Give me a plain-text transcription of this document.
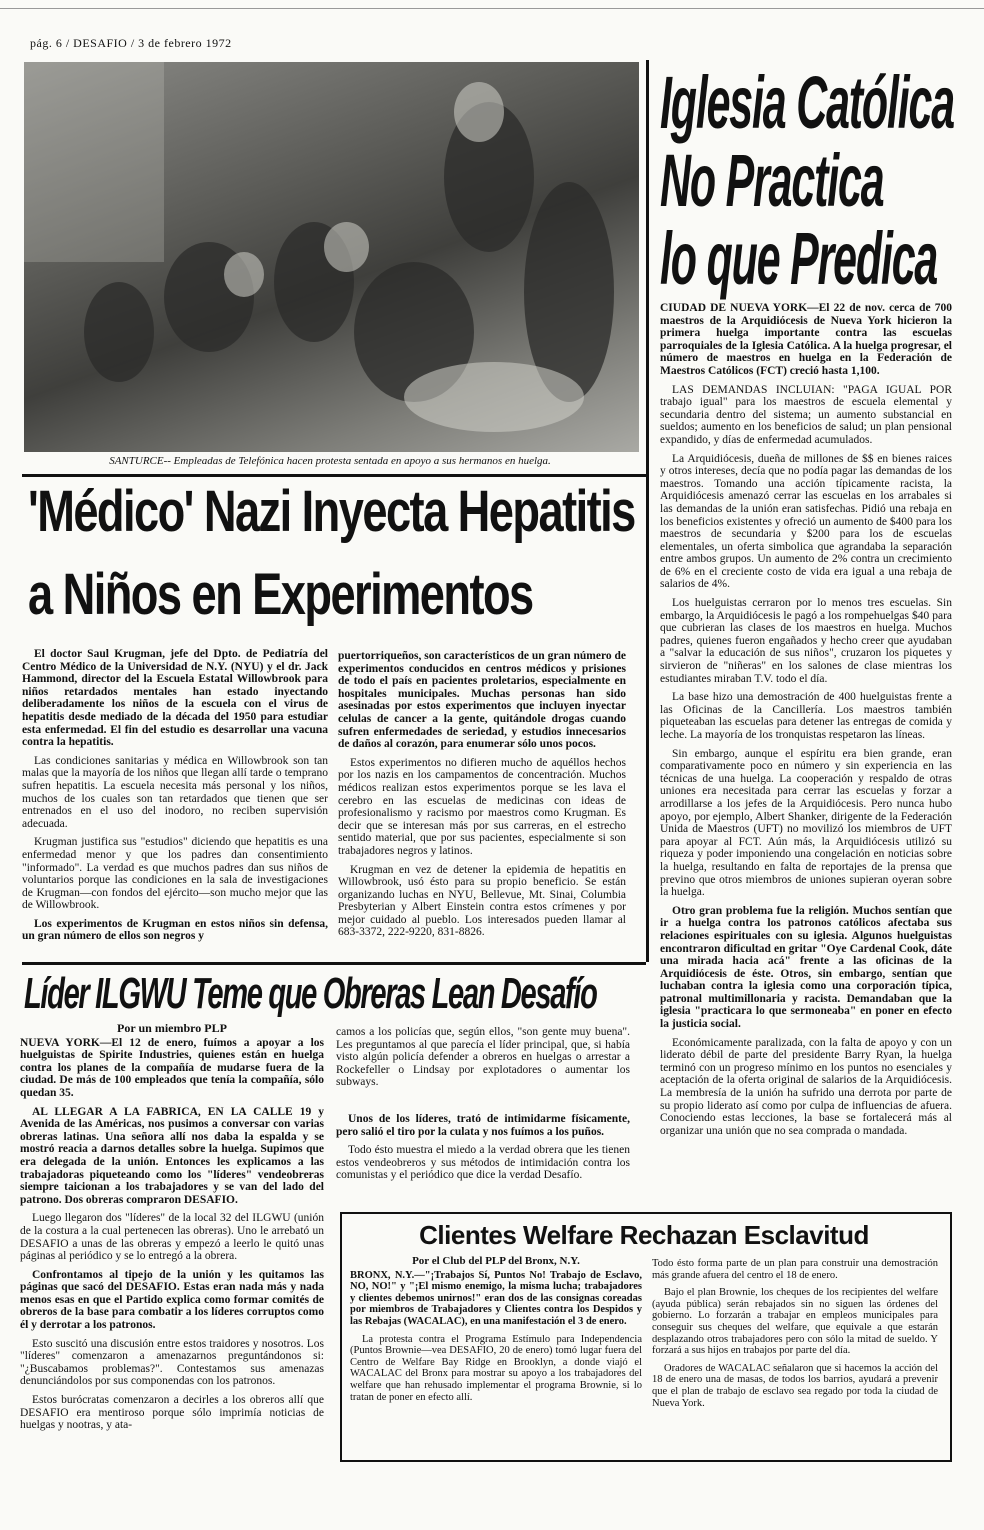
pág. 6 / DESAFIO / 3 de febrero 1972
SANTURCE-- Empleadas de Telefónica hacen protesta sentada en apoyo a sus hermanos en huelga.
'Médico' Nazi Inyecta Hepatitis
a Niños en Experimentos

El doctor Saul Krugman, jefe del Dpto. de Pediatría del Centro Médico de la Universidad de N.Y. (NYU) y el dr. Jack Hammond, director del la Escuela Estatal Willowbrook para niños retardados mentales han estado inyectando deliberadamente los niños de la escuela con el virus de hepatitis desde mediado de la década del 1950 para estudiar esta enfermedad. El fin del estudio es desarrollar una vacuna contra la hepatitis.

Las condiciones sanitarias y médica en Willowbrook son tan malas que la mayoría de los niños que llegan allí tarde o temprano sufren hepatitis. La escuela necesita más personal y los niños, muchos de los cuales son tan retardados que tienen que ser entrenados en el uso del inodoro, no reciben supervisión adecuada.

Krugman justifica sus "estudios" diciendo que hepatitis es una enfermedad menor y que los padres dan consentimiento "informado". La verdad es que muchos padres dan sus niños de voluntarios porque las condiciones en la sala de investigaciones de Krugman—con fondos del ejército—son mucho mejor que las de Willowbrook.

Los experimentos de Krugman en estos niños sin defensa, un gran número de ellos son negros y

puertorriqueños, son característicos de un gran número de experimentos conducidos en centros médicos y prisiones de todo el país en pacientes proletarios, especialmente en hospitales municipales. Muchas personas han sido asesinadas por estos experimentos que incluyen inyectar celulas de cancer a la gente, quitándole drogas cuando sufren enfermedades de seriedad, y estudios innecesarios de daños al corazón, para enumerar sólo unos pocos.

Estos experimentos no difieren mucho de aquéllos hechos por los nazis en los campamentos de concentración. Muchos médicos realizan estos experimentos porque se les lava el cerebro en las escuelas de medicinas con ideas de profesionalismo y racismo por maestros como Krugman. Es decir que se interesan más por sus carreras, en el estrecho sentido material, que por sus pacientes, especialmente si son trabajadores negros y latinos.

Krugman en vez de detener la epidemia de hepatitis en Willowbrook, usó ésto para su propio beneficio. Se están organizando luchas en NYU, Bellevue, Mt. Sinai, Columbia Presbyterian y Albert Einstein contra estos crímenes y por mejor cuidado al pueblo. Los interesados pueden llamar al 683-3372, 222-9220, 831-8826.

Líder ILGWU Teme que Obreras Lean Desafío
Por un miembro PLP

NUEVA YORK—El 12 de enero, fuímos a apoyar a los huelguistas de Spirite Industries, quienes están en huelga contra los planes de la compañía de mudarse fuera de la ciudad. De más de 100 empleados que tenía la compañía, sólo quedan 35.

AL LLEGAR A LA FABRICA, EN LA CALLE 19 y Avenida de las Américas, nos pusimos a conversar con varias obreras latinas. Una señora allí nos daba la espalda y se mostró reacia a darnos detalles sobre la huelga. Supimos que era delegada de la unión. Entonces les explicamos a las trabajadoras piqueteando como los "líderes" vendeobreras siempre taicionan a los trabajadores y se van del lado del patrono. Dos obreras compraron DESAFIO.

Luego llegaron dos "líderes" de la local 32 del ILGWU (unión de la costura a la cual pertenecen las obreras). Uno le arrebató un DESAFIO a unas de las obreras y empezó a leerlo le quitó unas páginas al periódico y se lo entregó a la obrera.

Confrontamos al tipejo de la unión y les quitamos las páginas que sacó del DESAFIO. Estas eran nada más y nada menos esas en que el Partido explica como formar comités de obreros de la base para combatir a los líderes corruptos como él y derrotar a los patronos.

Esto suscitó una discusión entre estos traidores y nosotros. Los "líderes" comenzaron a amenazarnos preguntándonos si: "¿Buscabamos problemas?". Contestamos sus amenazas denunciándolos por sus componendas con los patronos.

Estos burócratas comenzaron a decirles a los obreros allí que DESAFIO era mentiroso porque sólo imprimía noticias de huelgas y nootras, y ata-

camos a los policías que, según ellos, "son gente muy buena". Les preguntamos al que parecía el líder principal, que, si había visto algún policía defender a obreros en huelgas o arrestar a Rockefeller o Lindsay por explotadores o aumentar los subways.

Unos de los líderes, trató de intimidarme físicamente, pero salió el tiro por la culata y nos fuímos a los puños.

Todo ésto muestra el miedo a la verdad obrera que les tienen estos vendeobreros y sus métodos de intimidación contra los comunistas y el periódico que dice la verdad Desafío.

Iglesia Católica
No Practica
lo que Predica

CIUDAD DE NUEVA YORK—El 22 de nov. cerca de 700 maestros de la Arquidiócesis de Nueva York hicieron la primera huelga importante contra las escuelas parroquiales de la Iglesia Católica. A la huelga progresar, el número de maestros en huelga en la Federación de Maestros Católicos (FCT) creció hasta 1,100.

LAS DEMANDAS INCLUIAN: "PAGA IGUAL POR trabajo igual" para los maestros de escuela elemental y secundaria dentro del sistema; un aumento substancial en sueldos; aumento en los beneficios de salud; un plan pensional expandido, y días de enfermedad acumulados.

La Arquidiócesis, dueña de millones de $$ en bienes raices y otros intereses, decía que no podía pagar las demandas de los maestros. Tomando una acción típicamente racista, la Arquidiócesis amenazó cerrar las escuelas en los arrabales si las demandas de la unión eran satisfechas. Pidió una rebaja en los beneficios existentes y ofreció un aumento de $400 para los maestros de secundaria y $200 para los de escuelas elementales, un oferta simbolica que agrandaba la separación entre ambos grupos. Un aumento de 2% contra un crecimiento de 6% en el creciente costo de vida era igual a una rebaja de salarios de 4%.

Los huelguistas cerraron por lo menos tres escuelas. Sin embargo, la Arquidiócesis le pagó a los rompehuelgas $40 para que cubrieran las clases de los maestros en huelga. Muchos padres, quienes fueron engañados y hecho creer que ayudaban a "salvar la educación de sus niños", cruzaron los piquetes y sirvieron de "niñeras" en los salones de clase mientras los estudiantes miraban T.V. todo el día.

La base hizo una demostración de 400 huelguistas frente a las Oficinas de la Cancillería. Los maestros también piqueteaban las escuelas para detener las entregas de comida y leche. La mayoría de los tronquistas respetaron las líneas.

Sin embargo, aunque el espíritu era bien grande, eran comparativamente poco en número y sin experiencia en las técnicas de una huelga. La cooperación y respaldo de otras uniones era necesitada para cerrar las escuelas y forzar a arrodillarse a los jefes de la Arquidiócesis. Pero nunca hubo apoyo, por ejemplo, Albert Shanker, dirigente de la Federación Unida de Maestros (UFT) no movilizó los miembros de UFT para apoyar al FCT. Aún más, la Arquidiócesis utilizó su riqueza y poder imponiendo una congelación en noticias sobre la huelga, resultando en falta de reportajes de la prensa que previno que otros miembros de uniones supieran oyeran sobre la huelga.

Otro gran problema fue la religión. Muchos sentían que ir a huelga contra los patronos católicos afectaba sus relaciones espirituales con su iglesia. Algunos huelguistas encontraron dificultad en gritar "Oye Cardenal Cook, dáte una mirada hacia acá" frente a las oficinas de la Arquidiócesis de éste. Otros, sin embargo, sentían que luchaban contra la iglesia como una corporación típica, patronal multimillonaria y racista. Demandaban que la iglesia "practicara lo que sermoneaba" en poner en efecto la justicia social.

Económicamente paralizada, con la falta de apoyo y con un liderato débil de parte del presidente Barry Ryan, la huelga terminó con un progreso mínimo en los puntos no esenciales y aceptación de la oferta original de salarios de la Arquidiócesis. La membresía de la unión ha sufrido una derrota por parte de su propio liderato así como por culpa de influencias de afuera. Conociendo estas lecciones, la base se fortalecerá más al organizar una unión que no sea comprada o mandada.

Clientes Welfare Rechazan Esclavitud
Por el Club del PLP del Bronx, N.Y.

BRONX, N.Y.—"¡Trabajos Sí, Puntos No! Trabajo de Esclavo, NO, NO!" y "¡El mismo enemigo, la misma lucha; trabajadores y clientes debemos unirnos!" eran dos de las consignas coreadas por miembros de Trabajadores y Clientes contra los Despidos y las Rebajas (WACALAC), en una manifestación el 3 de enero.

La protesta contra el Programa Estímulo para Independencia (Puntos Brownie—vea DESAFIO, 20 de enero) tomó lugar fuera del Centro de Welfare Bay Ridge en Brooklyn, a donde viajó el WACALAC del Bronx para mostrar su apoyo a los trabajadores del welfare que han rehusado implementar el programa Brownie, si lo tratan de poner en efecto allí.

Todo ésto forma parte de un plan para construir una demostración más grande afuera del centro el 18 de enero.

Bajo el plan Brownie, los cheques de los recipientes del welfare (ayuda pública) serán rebajados sin no siguen las órdenes del gobierno. Lo forzarán a trabajar en empleos municipales para conseguir sus cheques del welfare, que equivale a que estarán desplazando otros trabajadores pero con sólo la mitad de sueldo. Y forzará a sus hijos en trabajos por parte del día.

Oradores de WACALAC señalaron que si hacemos la acción del 18 de enero una de masas, de todos los barrios, ayudará a prevenir que el plan de trabajo de esclavo sea regado por toda la ciudad de Nueva York.
